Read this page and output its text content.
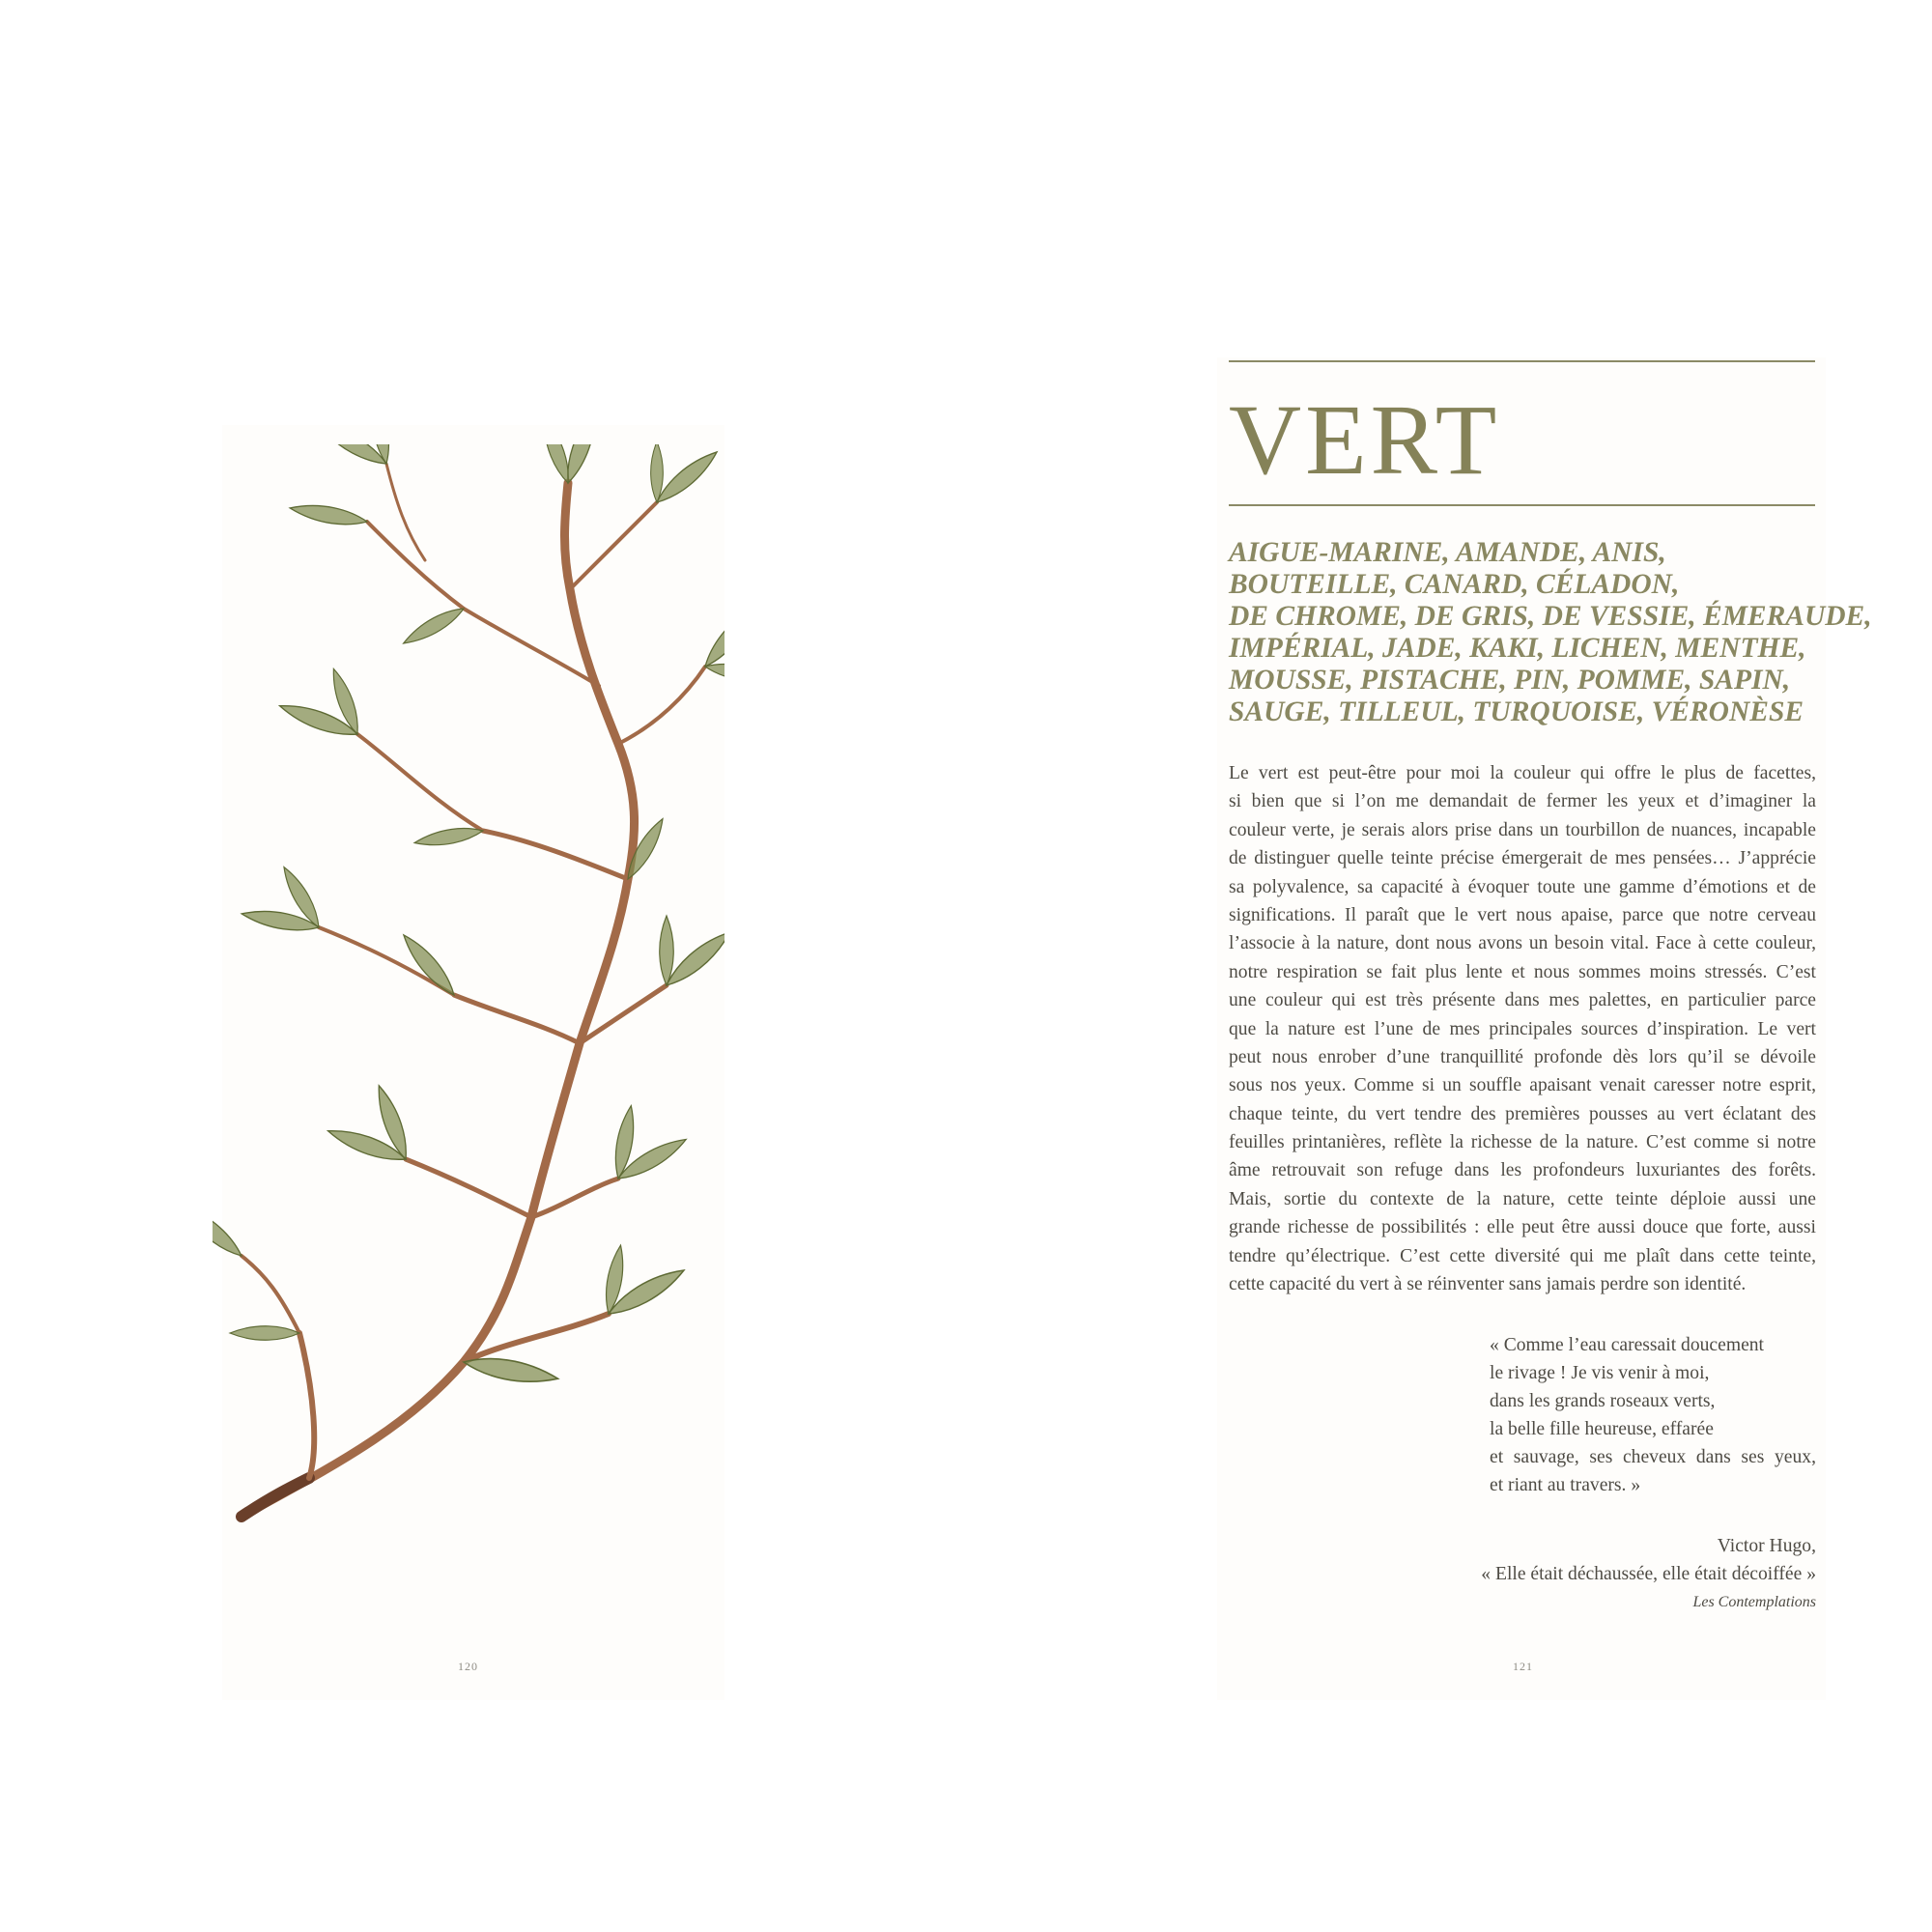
VERT
AIGUE-MARINE, AMANDE, ANIS,
BOUTEILLE, CANARD, CÉLADON,
DE CHROME, DE GRIS, DE VESSIE, ÉMERAUDE,
IMPÉRIAL, JADE, KAKI, LICHEN, MENTHE,
MOUSSE, PISTACHE, PIN, POMME, SAPIN,
SAUGE, TILLEUL, TURQUOISE, VÉRONÈSE
Le vert est peut-être pour moi la couleur qui offre le plus de facettes,
si bien que si l’on me demandait de fermer les yeux et d’imaginer la
couleur verte, je serais alors prise dans un tourbillon de nuances, incapable
de distinguer quelle teinte précise émergerait de mes pensées… J’apprécie
sa polyvalence, sa capacité à évoquer toute une gamme d’émotions et de
significations. Il paraît que le vert nous apaise, parce que notre cerveau
l’associe à la nature, dont nous avons un besoin vital. Face à cette couleur,
notre respiration se fait plus lente et nous sommes moins stressés. C’est
une couleur qui est très présente dans mes palettes, en particulier parce
que la nature est l’une de mes principales sources d’inspiration. Le vert
peut nous enrober d’une tranquillité profonde dès lors qu’il se dévoile
sous nos yeux. Comme si un souffle apaisant venait caresser notre esprit,
chaque teinte, du vert tendre des premières pousses au vert éclatant des
feuilles printanières, reflète la richesse de la nature. C’est comme si notre
âme retrouvait son refuge dans les profondeurs luxuriantes des forêts.
Mais, sortie du contexte de la nature, cette teinte déploie aussi une
grande richesse de possibilités : elle peut être aussi douce que forte, aussi
tendre qu’électrique. C’est cette diversité qui me plaît dans cette teinte,
cette capacité du vert à se réinventer sans jamais perdre son identité.
« Comme l’eau caressait doucement
le rivage ! Je vis venir à moi,
dans les grands roseaux verts,
la belle fille heureuse, effarée
et sauvage, ses cheveux dans ses yeux,
et riant au travers. »
Victor Hugo,
« Elle était déchaussée, elle était décoiffée »
Les Contemplations
120	121
